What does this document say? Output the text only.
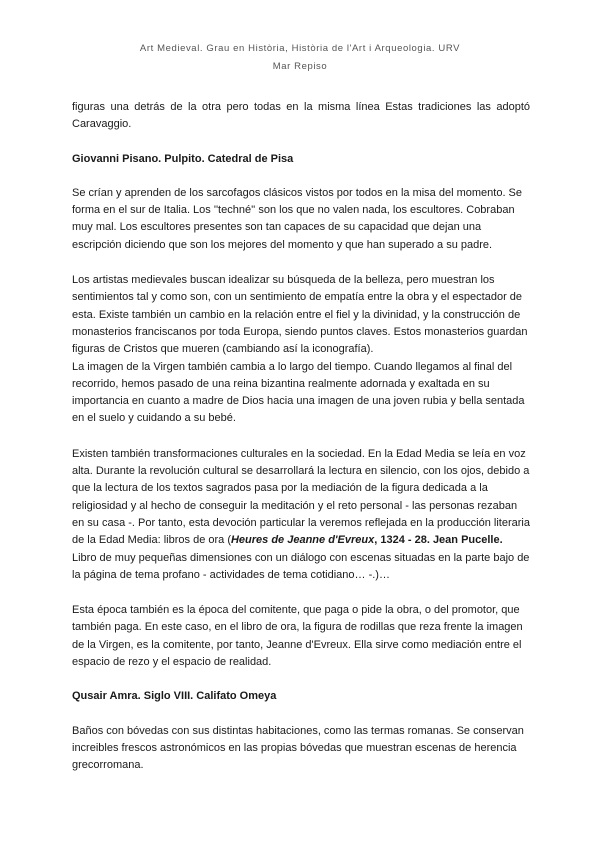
Art Medieval. Grau en Història, Història de l'Art i Arqueologia. URV
Mar Repiso

figuras una detrás de la otra pero todas en la misma línea Estas tradiciones las adoptó Caravaggio.

Giovanni Pisano. Pulpito. Catedral de Pisa

Se crían y aprenden de los sarcofagos clásicos vistos por todos en la misa del momento. Se forma en el sur de Italia. Los ''techné'' son los que no valen nada, los escultores. Cobraban muy mal. Los escultores presentes son tan capaces de su capacidad que dejan una escripción diciendo que son los mejores del momento y que han superado a su padre.

Los artistas medievales buscan idealizar su búsqueda de la belleza, pero muestran los sentimientos tal y como son, con un sentimiento de empatía entre la obra y el espectador de esta. Existe también un cambio en la relación entre el fiel y la divinidad, y la construcción de monasterios franciscanos por toda Europa, siendo puntos claves. Estos monasterios guardan figuras de Cristos que mueren (cambiando así la iconografía).

La imagen de la Virgen también cambia a lo largo del tiempo. Cuando llegamos al final del recorrido, hemos pasado de una reina bizantina realmente adornada y exaltada en su importancia en cuanto a madre de Dios hacia una imagen de una joven rubia y bella sentada en el suelo y cuidando a su bebé.

Existen también transformaciones culturales en la sociedad. En la Edad Media se leía en voz alta. Durante la revolución cultural se desarrollará la lectura en silencio, con los ojos, debido a que la lectura de los textos sagrados pasa por la mediación de la figura dedicada a la religiosidad y al hecho de conseguir la meditación y el reto personal - las personas rezaban en su casa -. Por tanto, esta devoción particular la veremos reflejada en la producción literaria de la Edad Media: libros de ora (Heures de Jeanne d'Evreux, 1324 - 28. Jean Pucelle. Libro de muy pequeñas dimensiones con un diálogo con escenas situadas en la parte bajo de la página de tema profano - actividades de tema cotidiano… -.)…

Esta época también es la época del comitente, que paga o pide la obra, o del promotor, que también paga. En este caso, en el libro de ora, la figura de rodillas que reza frente la imagen de la Virgen, es la comitente, por tanto, Jeanne d'Evreux. Ella sirve como mediación entre el espacio de rezo y el espacio de realidad.

Qusair Amra. Siglo VIII. Califato Omeya

Baños con bóvedas con sus distintas habitaciones, como las termas romanas. Se conservan increibles frescos astronómicos en las propias bóvedas que muestran escenas de herencia grecorromana.
